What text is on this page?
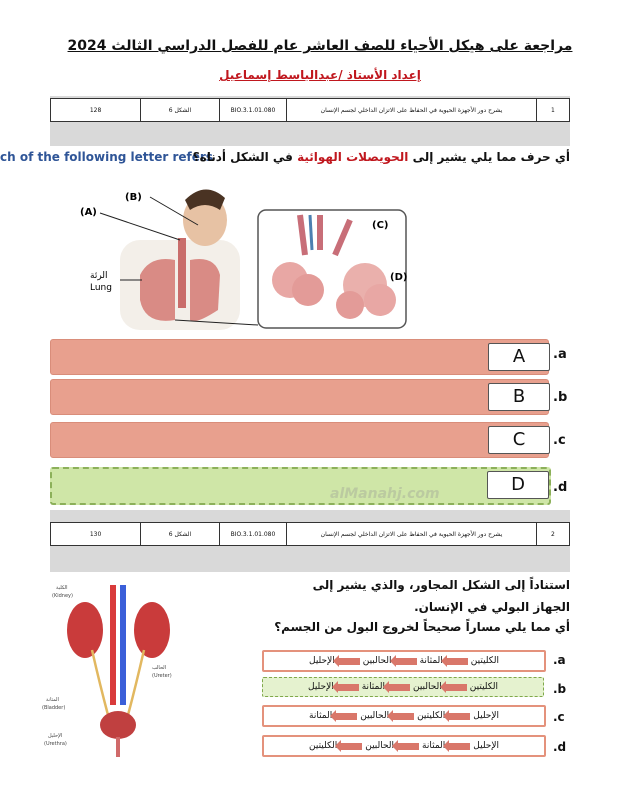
مراجعة على هيكل الأحياء للصف العاشر عام للفصل الدراسي الثالث 2024
إعداد الأستاذ /عبدالباسط إسماعيل
128	الشكل 6	BIO.3.1.01.080	يشرح دور الأجهزة الحيوية في الحفاظ على الاتزان الداخلي لجسم الإنسان	1
ch of the following letter refers	أي حرف مما يلي يشير إلى الحويصلات الهوائية في الشكل أدناه؟
(A)
(B)
الرئة
Lung
(C)
(D)
A	.a
B	.b
C	.c
D	.d
130	الشكل 6	BIO.3.1.01.080	يشرح دور الأجهزة الحيوية في الحفاظ على الاتزان الداخلي لجسم الإنسان	2
استناداً إلى الشكل المجاور، والذي يشير إلى
الجهاز البولي في الإنسان.
أي مما يلي مساراً صحيحاً لخروج البول من الجسم؟
الكلية
(Kidney)
الحالب
(Ureter)
المثانة
(Bladder)
الإحليل
(Urethra)
الكليتين
المثانة
الحالبين
الإحليل	.a
الكليتين
الحالبين
المثانة
الإحليل	.b
الإحليل
الكليتين
الحالبين
المثانة	.c
الإحليل
المثانة
الحالبين
الكليتين	.d
alManahj.com
